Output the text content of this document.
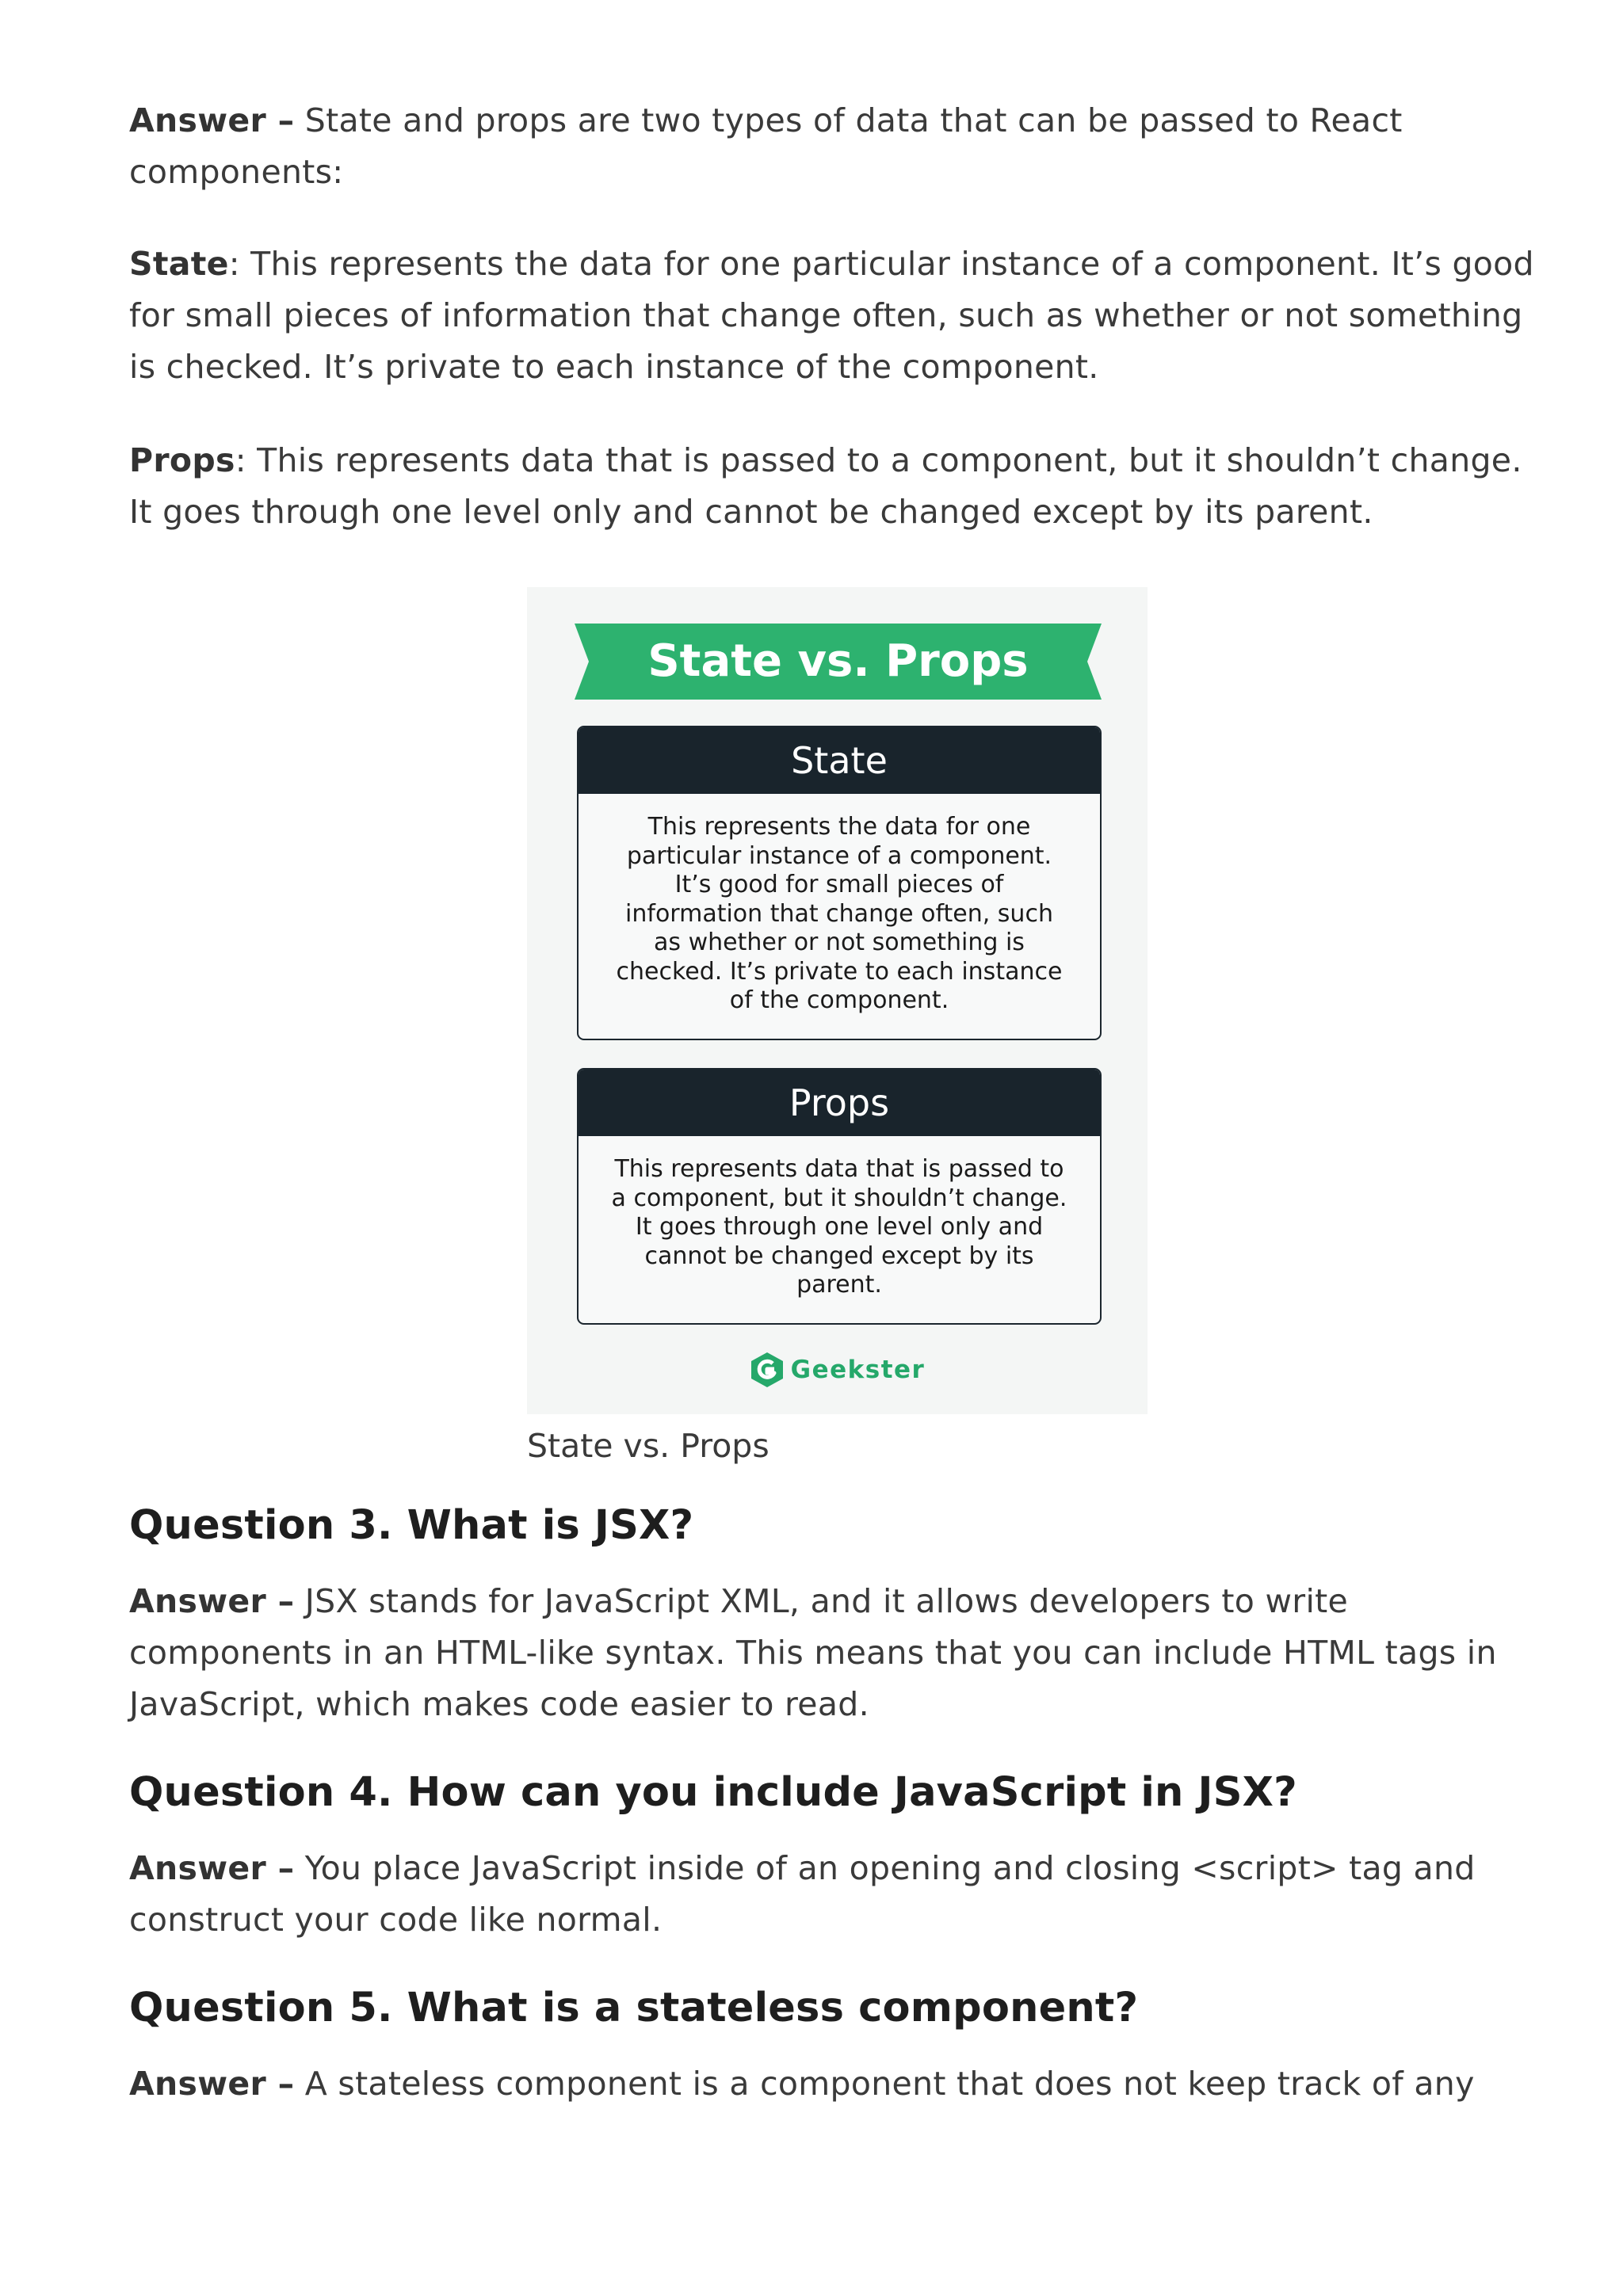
Answer – State and props are two types of data that can be passed to React components:

State: This represents the data for one particular instance of a component. It’s good for small pieces of information that change often, such as whether or not something is checked. It’s private to each instance of the component.

Props: This represents data that is passed to a component, but it shouldn’t change. It goes through one level only and cannot be changed except by its parent.

State vs. Props
State
This represents the data for one
particular instance of a component.
It’s good for small pieces of
information that change often, such
as whether or not something is
checked. It’s private to each instance
of the component.
Props
This represents data that is passed to
a component, but it shouldn’t change.
It goes through one level only and
cannot be changed except by its
parent.
Geekster
State vs. Props
Question 3. What is JSX?

Answer – JSX stands for JavaScript XML, and it allows developers to write components in an HTML-like syntax. This means that you can include HTML tags in JavaScript, which makes code easier to read.

Question 4. How can you include JavaScript in JSX?

Answer – You place JavaScript inside of an opening and closing <script> tag and construct your code like normal.

Question 5. What is a stateless component?

Answer – A stateless component is a component that does not keep track of any
